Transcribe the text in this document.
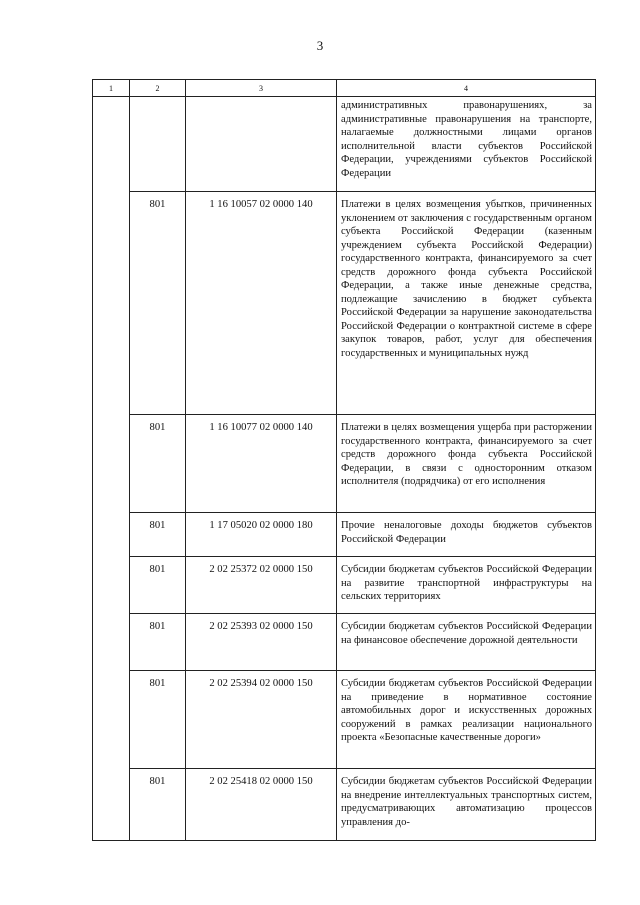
3
1	2	3	4
			административных правонарушениях, за административные правонарушения на транспорте, налагаемые должностными лицами органов исполнительной власти субъектов Российской Федерации, учреждениями субъектов Российской Федерации
	801	1 16 10057 02 0000 140	Платежи в целях возмещения убытков, причиненных уклонением от заключения с государственным органом субъекта Российской Федерации (казенным учреждением субъекта Российской Федерации) государственного контракта, финансируемого за счет средств дорожного фонда субъекта Российской Федерации, а также иные денежные средства, подлежащие зачислению в бюджет субъекта Российской Федерации за нарушение законодательства Российской Федерации о контрактной системе в сфере закупок товаров, работ, услуг для обеспечения государственных и муниципальных нужд
	801	1 16 10077 02 0000 140	Платежи в целях возмещения ущерба при расторжении государственного контракта, финансируемого за счет средств дорожного фонда субъекта Российской Федерации, в связи с односторонним отказом исполнителя (подрядчика) от его исполнения
	801	1 17 05020 02 0000 180	Прочие неналоговые доходы бюджетов субъектов Российской Федерации
	801	2 02 25372 02 0000 150	Субсидии бюджетам субъектов Российской Федерации на развитие транспортной инфраструктуры на сельских территориях
	801	2 02 25393 02 0000 150	Субсидии бюджетам субъектов Российской Федерации на финансовое обеспечение дорожной деятельности
	801	2 02 25394 02 0000 150	Субсидии бюджетам субъектов Российской Федерации на приведение в нормативное состояние автомобильных дорог и искусственных дорожных сооружений в рамках реализации национального проекта «Безопасные качественные дороги»
	801	2 02 25418 02 0000 150	Субсидии бюджетам субъектов Российской Федерации на внедрение интеллектуальных транспортных систем, предусматривающих автоматизацию процессов управления до-
